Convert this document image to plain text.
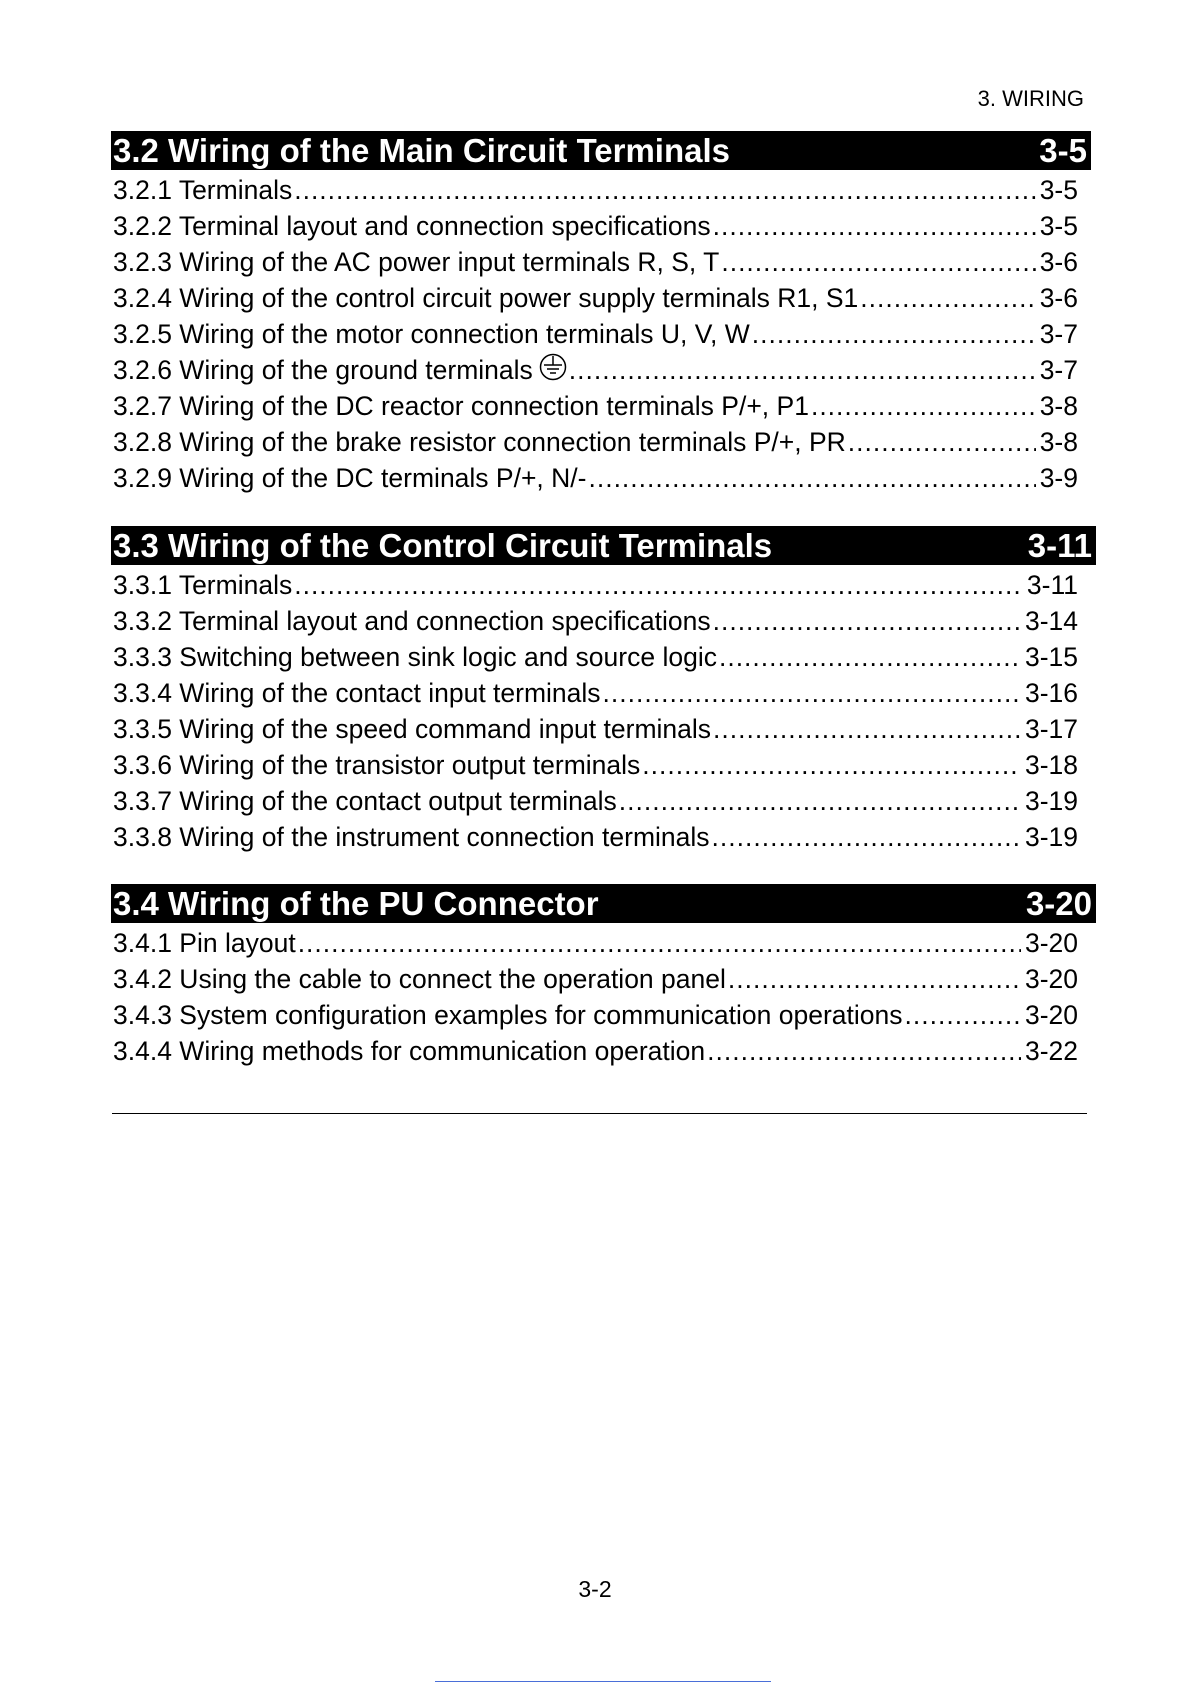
3. WIRING
3.2 Wiring of the Main Circuit Terminals	3-5
3.2.1 Terminals .....	3-5
3.2.2 Terminal layout and connection specifications .....	3-5
3.2.3 Wiring of the AC power input terminals R, S, T .....	3-6
3.2.4 Wiring of the control circuit power supply terminals R1, S1 .....	3-6
3.2.5 Wiring of the motor connection terminals U, V, W .....	3-7
3.2.6 Wiring of the ground terminals .....	3-7
3.2.7 Wiring of the DC reactor connection terminals P/+, P1 .....	3-8
3.2.8 Wiring of the brake resistor connection terminals P/+, PR .....	3-8
3.2.9 Wiring of the DC terminals P/+, N/- .....	3-9
3.3 Wiring of the Control Circuit Terminals	3-11
3.3.1 Terminals .....	3-11
3.3.2 Terminal layout and connection specifications .....	3-14
3.3.3 Switching between sink logic and source logic .....	3-15
3.3.4 Wiring of the contact input terminals .....	3-16
3.3.5 Wiring of the speed command input terminals .....	3-17
3.3.6 Wiring of the transistor output terminals .....	3-18
3.3.7 Wiring of the contact output terminals .....	3-19
3.3.8 Wiring of the instrument connection terminals .....	3-19
3.4 Wiring of the PU Connector	3-20
3.4.1 Pin layout .....	3-20
3.4.2 Using the cable to connect the operation panel .....	3-20
3.4.3 System configuration examples for communication operations .....	3-20
3.4.4 Wiring methods for communication operation .....	3-22
3-2
